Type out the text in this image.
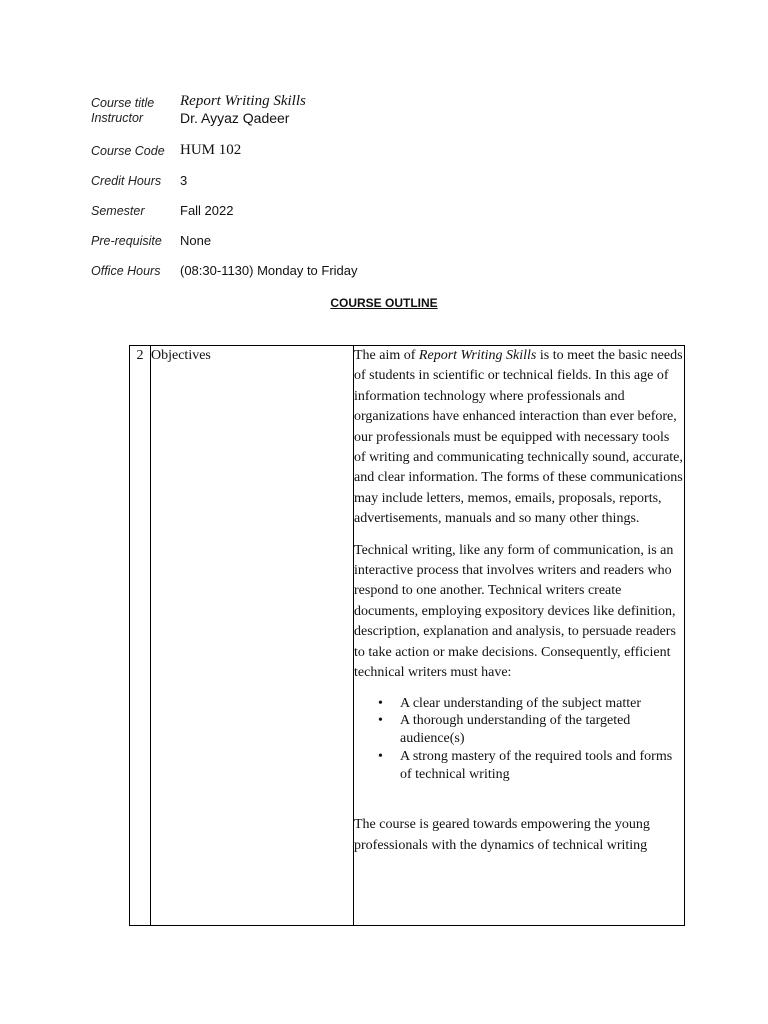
Course title Report Writing Skills
Instructor	Dr. Ayyaz Qadeer
Course Code HUM 102
Credit Hours 3
Semester	Fall 2022
Pre-requisite None
Office Hours (08:30-1130) Monday to Friday
COURSE OUTLINE
2	Objectives	The aim of Report Writing Skills is to meet the basic needs of students in scientific or technical fields. In this age of information technology where professionals and organizations have enhanced interaction than ever before, our professionals must be equipped with necessary tools of writing and communicating technically sound, accurate, and clear information. The forms of these communications may include letters, memos, emails, proposals, reports, advertisements, manuals and so many other things.

Technical writing, like any form of communication, is an interactive process that involves writers and readers who respond to one another. Technical writers create documents, employing expository devices like definition, description, explanation and analysis, to persuade readers to take action or make decisions. Consequently, efficient technical writers must have:

• A clear understanding of the subject matter
• A thorough understanding of the targeted audience(s)
• A strong mastery of the required tools and forms of technical writing

The course is geared towards empowering the young professionals with the dynamics of technical writing
